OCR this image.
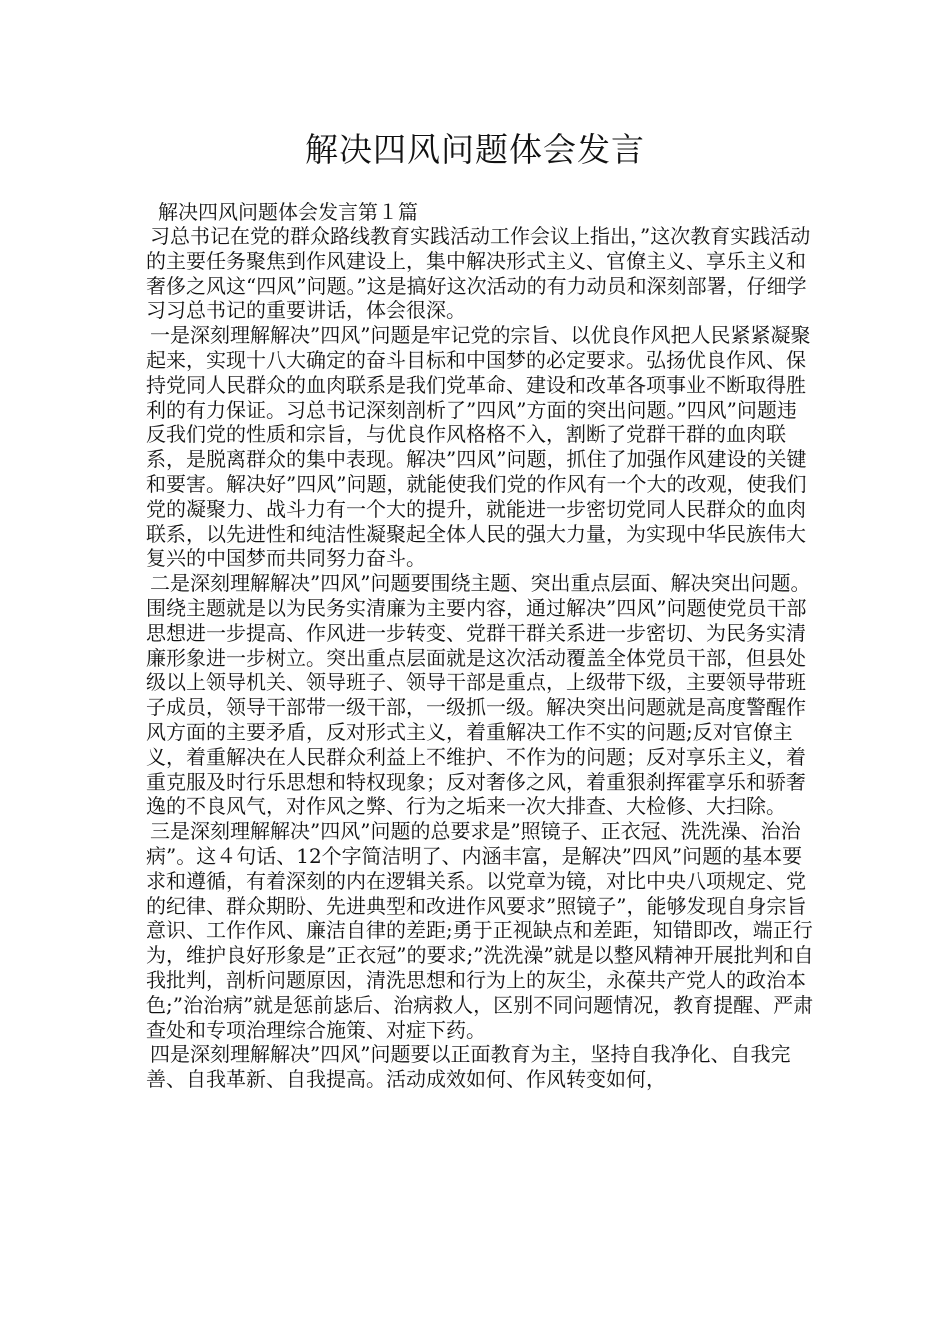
解决四风问题体会发言

解决四风问题体会发言第１篇

习总书记在党的群众路线教育实践活动工作会议上指出，”这次教育实践活动的主要任务聚焦到作风建设上，集中解决形式主义、官僚主义、享乐主义和奢侈之风这“四风”问题。”这是搞好这次活动的有力动员和深刻部署，仔细学习习总书记的重要讲话，体会很深。

一是深刻理解解决”四风”问题是牢记党的宗旨、以优良作风把人民紧紧凝聚起来，实现十八大确定的奋斗目标和中国梦的必定要求。弘扬优良作风、保持党同人民群众的血肉联系是我们党革命、建设和改革各项事业不断取得胜利的有力保证。习总书记深刻剖析了”四风”方面的突出问题。”四风”问题违反我们党的性质和宗旨，与优良作风格格不入，割断了党群干群的血肉联系，是脱离群众的集中表现。解决”四风”问题，抓住了加强作风建设的关键和要害。解决好”四风”问题，就能使我们党的作风有一个大的改观，使我们党的凝聚力、战斗力有一个大的提升，就能进一步密切党同人民群众的血肉联系，以先进性和纯洁性凝聚起全体人民的强大力量，为实现中华民族伟大复兴的中国梦而共同努力奋斗。

二是深刻理解解决”四风”问题要围绕主题、突出重点层面、解决突出问题。围绕主题就是以为民务实清廉为主要内容，通过解决”四风”问题使党员干部思想进一步提高、作风进一步转变、党群干群关系进一步密切、为民务实清廉形象进一步树立。突出重点层面就是这次活动覆盖全体党员干部，但县处级以上领导机关、领导班子、领导干部是重点，上级带下级，主要领导带班子成员，领导干部带一级干部，一级抓一级。解决突出问题就是高度警醒作风方面的主要矛盾，反对形式主义，着重解决工作不实的问题;反对官僚主义，着重解决在人民群众利益上不维护、不作为的问题；反对享乐主义，着重克服及时行乐思想和特权现象；反对奢侈之风，着重狠刹挥霍享乐和骄奢逸的不良风气，对作风之弊、行为之垢来一次大排查、大检修、大扫除。

三是深刻理解解决”四风”问题的总要求是”照镜子、正衣冠、洗洗澡、治治病”。这４句话、12个字简洁明了、内涵丰富，是解决”四风”问题的基本要求和遵循，有着深刻的内在逻辑关系。以党章为镜，对比中央八项规定、党的纪律、群众期盼、先进典型和改进作风要求”照镜子”，能够发现自身宗旨意识、工作作风、廉洁自律的差距;勇于正视缺点和差距，知错即改，端正行为，维护良好形象是”正衣冠”的要求;”洗洗澡”就是以整风精神开展批判和自我批判，剖析问题原因，清洗思想和行为上的灰尘，永葆共产党人的政治本色;”治治病”就是惩前毖后、治病救人，区别不同问题情况，教育提醒、严肃查处和专项治理综合施策、对症下药。

四是深刻理解解决”四风”问题要以正面教育为主，坚持自我净化、自我完善、自我革新、自我提高。活动成效如何、作风转变如何，
